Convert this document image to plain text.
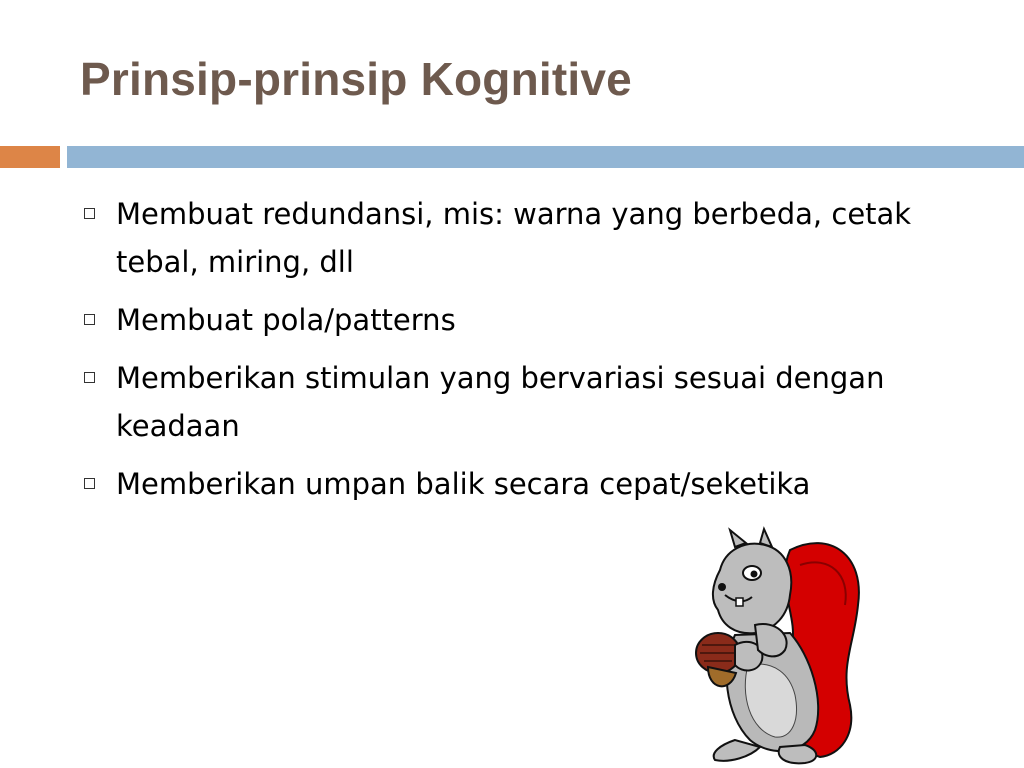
Prinsip-prinsip Kognitive
Membuat redundansi, mis: warna yang berbeda, cetak tebal, miring, dll
Membuat pola/patterns
Memberikan stimulan yang bervariasi sesuai dengan keadaan
Memberikan umpan balik secara cepat/seketika
